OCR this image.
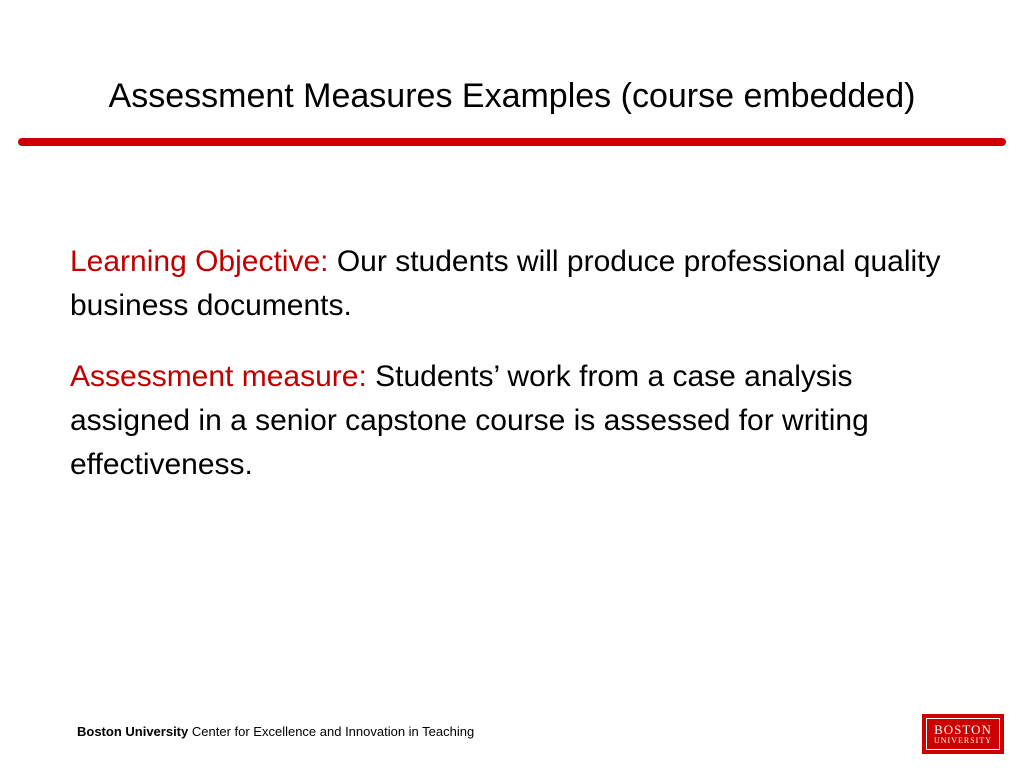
Assessment Measures Examples (course embedded)

Learning Objective: Our students will produce professional quality business documents.

Assessment measure: Students’ work from a case analysis assigned in a senior capstone course is assessed for writing effectiveness.

Boston University Center for Excellence and Innovation in Teaching	BOSTON
UNIVERSITY
